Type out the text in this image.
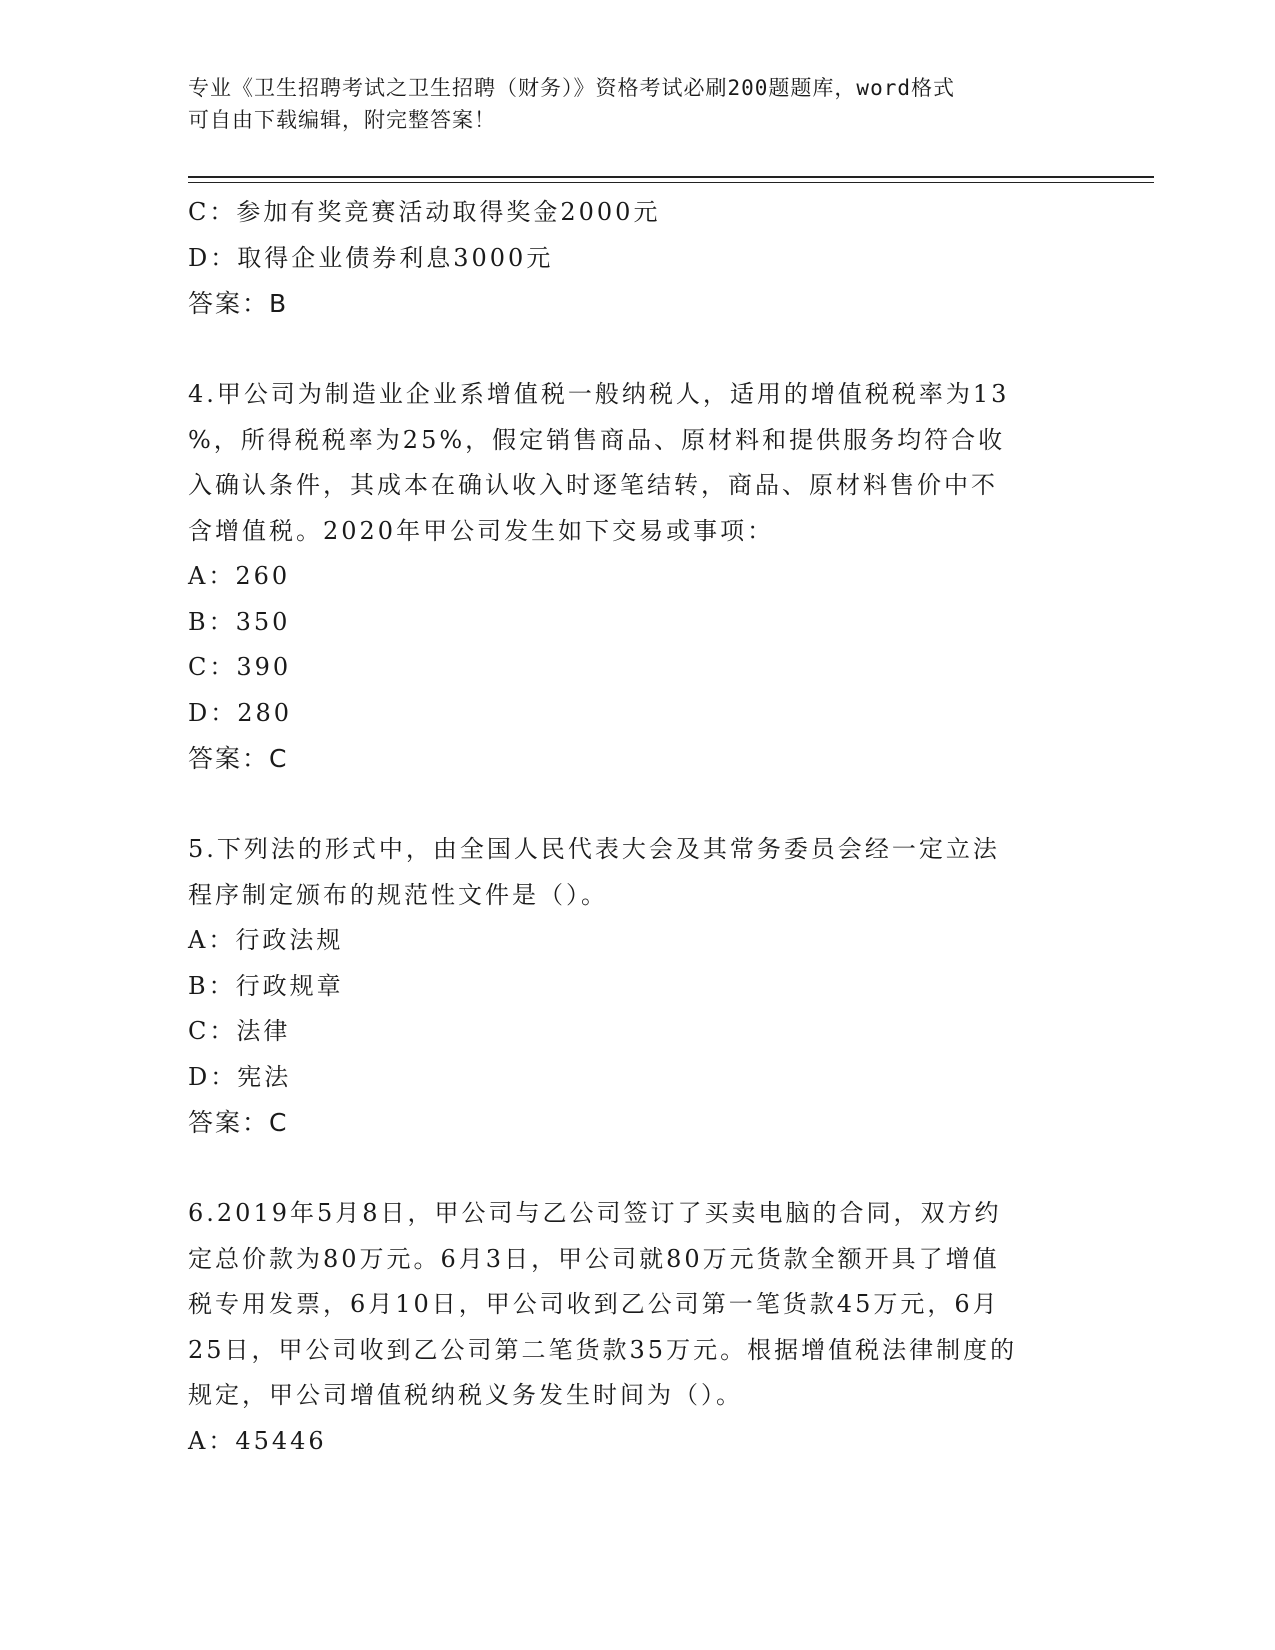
专业《卫生招聘考试之卫生招聘（财务）》资格考试必刷200题题库，word格式
可自由下载编辑，附完整答案！
C：参加有奖竞赛活动取得奖金2000元
D：取得企业债券利息3000元
答案：B
4.甲公司为制造业企业系增值税一般纳税人，适用的增值税税率为13
%，所得税税率为25%，假定销售商品、原材料和提供服务均符合收
入确认条件，其成本在确认收入时逐笔结转，商品、原材料售价中不
含增值税。2020年甲公司发生如下交易或事项：
A：260
B：350
C：390
D：280
答案：C
5.下列法的形式中，由全国人民代表大会及其常务委员会经一定立法
程序制定颁布的规范性文件是（）。
A：行政法规
B：行政规章
C：法律
D：宪法
答案：C
6.2019年5月8日，甲公司与乙公司签订了买卖电脑的合同，双方约
定总价款为80万元。6月3日，甲公司就80万元货款全额开具了增值
税专用发票，6月10日，甲公司收到乙公司第一笔货款45万元，6月
25日，甲公司收到乙公司第二笔货款35万元。根据增值税法律制度的
规定，甲公司增值税纳税义务发生时间为（）。
A：45446
